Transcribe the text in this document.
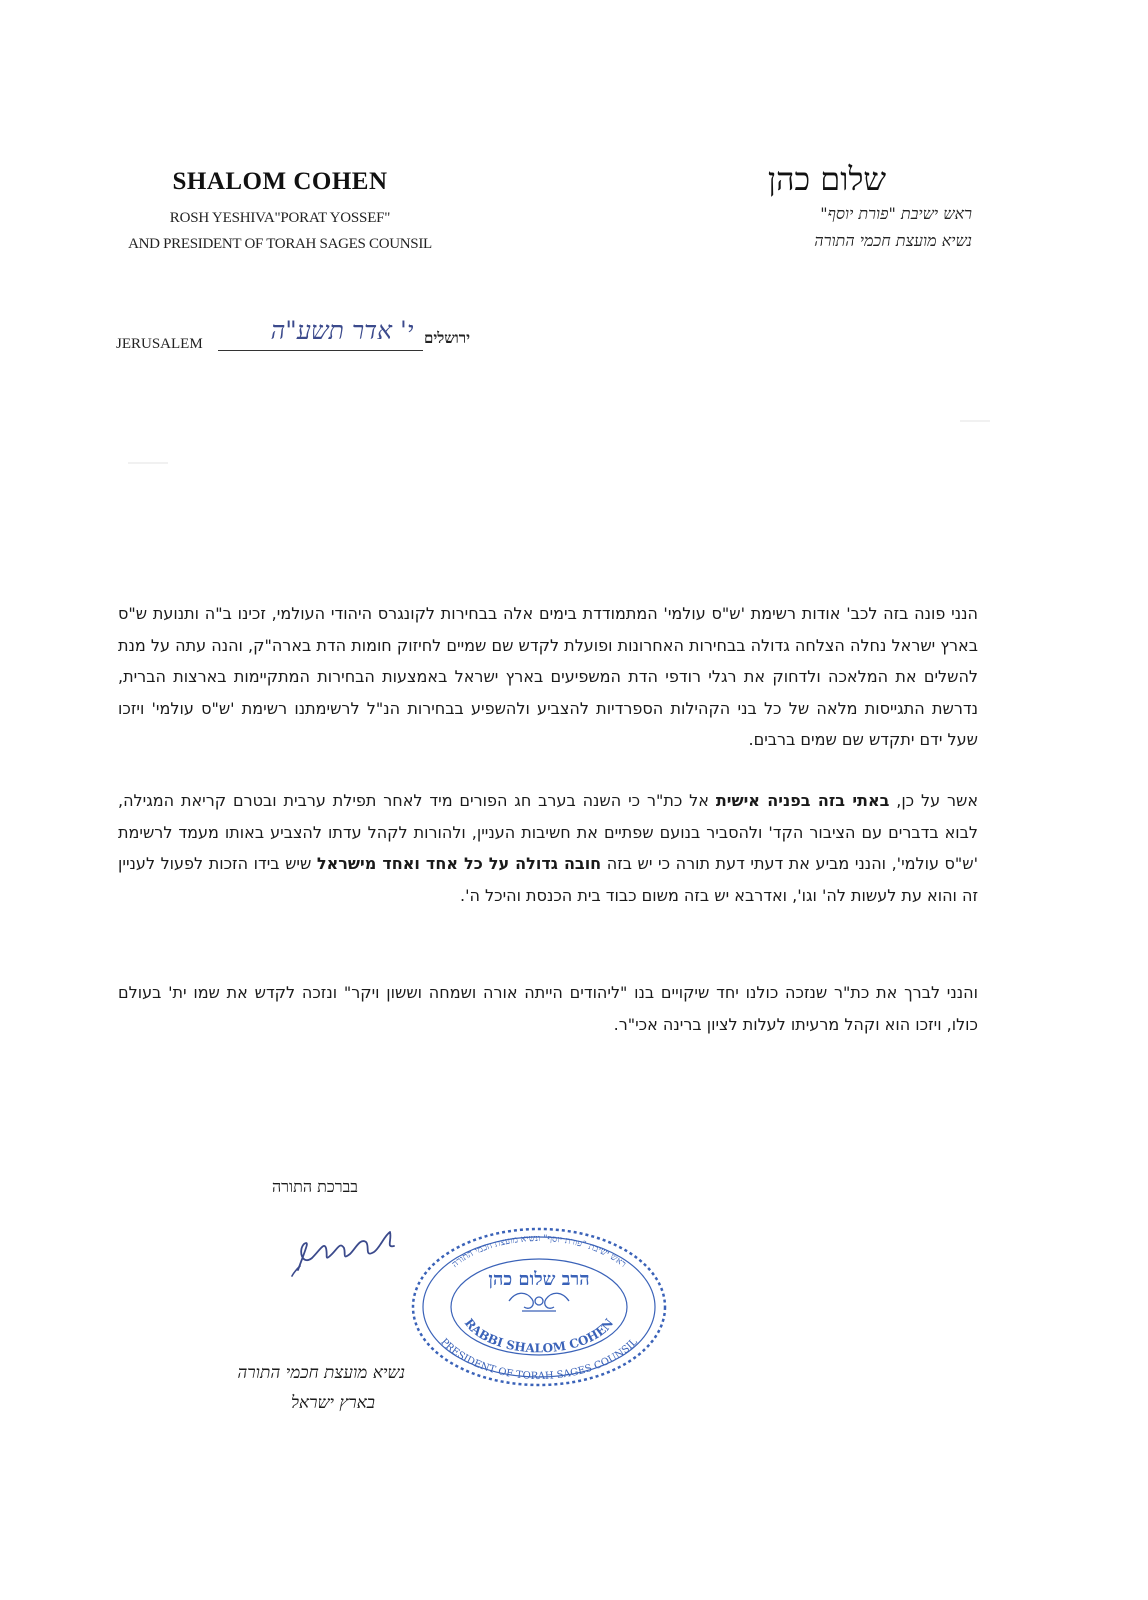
SHALOM COHEN
ROSH YESHIVA"PORAT YOSSEF"
AND PRESIDENT OF TORAH SAGES COUNSIL
שלום כהן
ראש ישיבת "פורת יוסף"
נשיא מועצת חכמי התורה
JERUSALEM	י' אדר תשע"ה ירושלים
הנני פונה בזה לכב' אודות רשימת 'ש"ס עולמי' המתמודדת בימים אלה בבחירות לקונגרס היהודי העולמי, זכינו ב"ה ותנועת ש"ס בארץ ישראל נחלה הצלחה גדולה בבחירות האחרונות ופועלת לקדש שם שמיים לחיזוק חומות הדת בארה"ק, והנה עתה על מנת להשלים את המלאכה ולדחוק את רגלי רודפי הדת המשפיעים בארץ ישראל באמצעות הבחירות המתקיימות בארצות הברית, נדרשת התגייסות מלאה של כל בני הקהילות הספרדיות להצביע ולהשפיע בבחירות הנ"ל לרשימתנו רשימת 'ש"ס עולמי' ויזכו שעל ידם יתקדש שם שמים ברבים.
אשר על כן, באתי בזה בפניה אישית אל כת"ר כי השנה בערב חג הפורים מיד לאחר תפילת ערבית ובטרם קריאת המגילה, לבוא בדברים עם הציבור הקד' ולהסביר בנועם שפתיים את חשיבות העניין, ולהורות לקהל עדתו להצביע באותו מעמד לרשימת 'ש"ס עולמי', והנני מביע את דעתי דעת תורה כי יש בזה חובה גדולה על כל אחד ואחד מישראל שיש בידו הזכות לפעול לעניין זה והוא עת לעשות לה' וגו', ואדרבא יש בזה משום כבוד בית הכנסת והיכל ה'.
והנני לברך את כת"ר שנזכה כולנו יחד שיקויים בנו "ליהודים הייתה אורה ושמחה וששון ויקר" ונזכה לקדש את שמו ית' בעולם כולו, ויזכו הוא וקהל מרעיתו לעלות לציון ברינה אכי"ר.
בברכת התורה
נשיא מועצת חכמי התורה
בארץ ישראל
ראש ישיבת "פורת יוסף" ונשיא מועצת חכמי התורה
PRESIDENT OF TORAH SAGES COUNSIL
RABBI SHALOM COHEN
הרב שלום כהן
